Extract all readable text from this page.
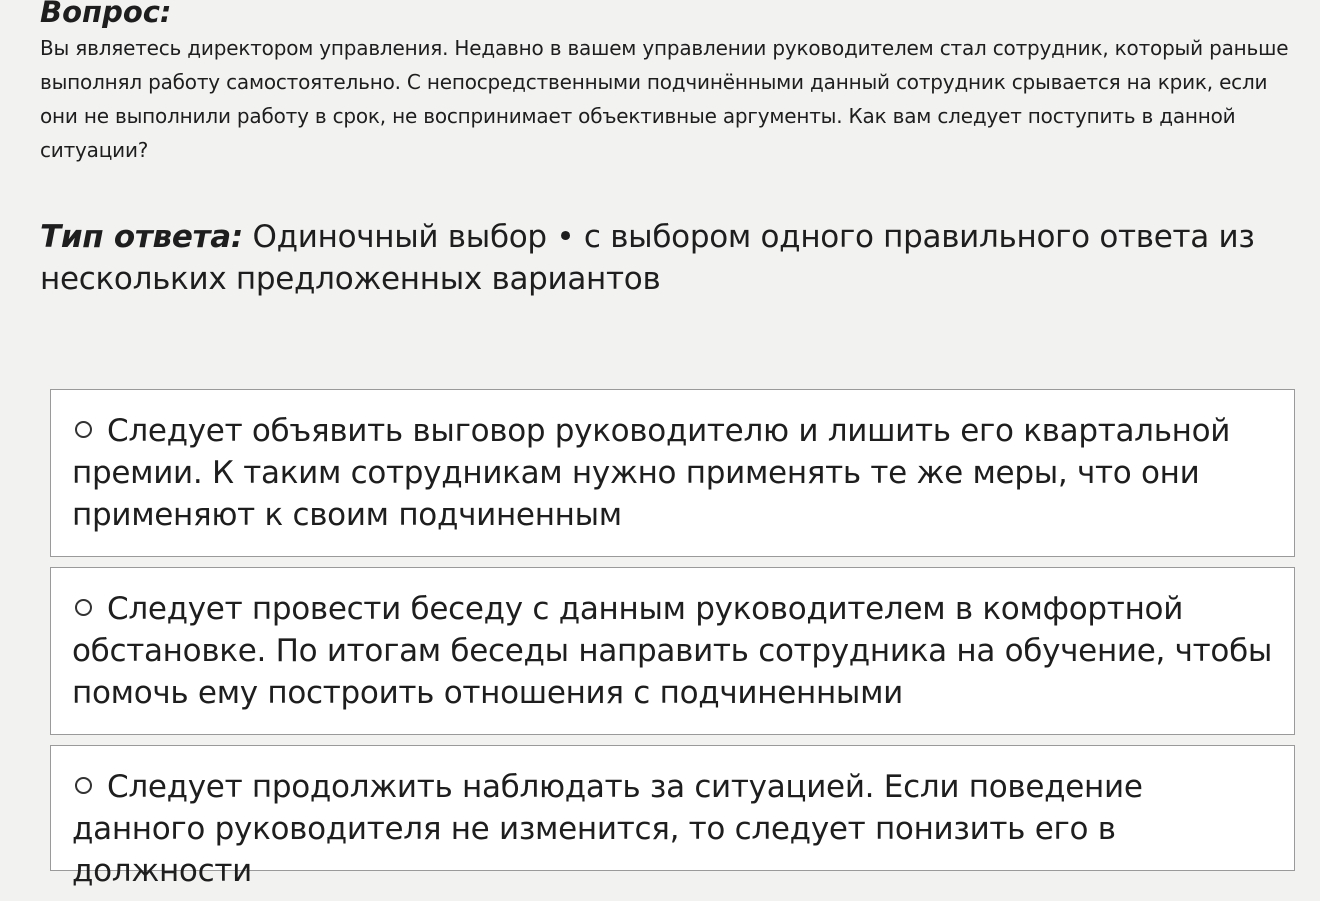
Вопрос:

Вы являетесь директором управления. Недавно в вашем управлении руководителем стал сотрудник, который раньше выполнял работу самостоятельно. С непосредственными подчинёнными данный сотрудник срывается на крик, если они не выполнили работу в срок, не воспринимает объективные аргументы. Как вам следует поступить в данной ситуации?

Тип ответа: Одиночный выбор • с выбором одного правильного ответа из нескольких предложенных вариантов

Следует объявить выговор руководителю и лишить его квартальной премии. К таким сотрудникам нужно применять те же меры, что они применяют к своим подчиненным
Следует провести беседу с данным руководителем в комфортной обстановке. По итогам беседы направить сотрудника на обучение, чтобы помочь ему построить отношения с подчиненными
Следует продолжить наблюдать за ситуацией. Если поведение данного руководителя не изменится, то следует понизить его в должности
